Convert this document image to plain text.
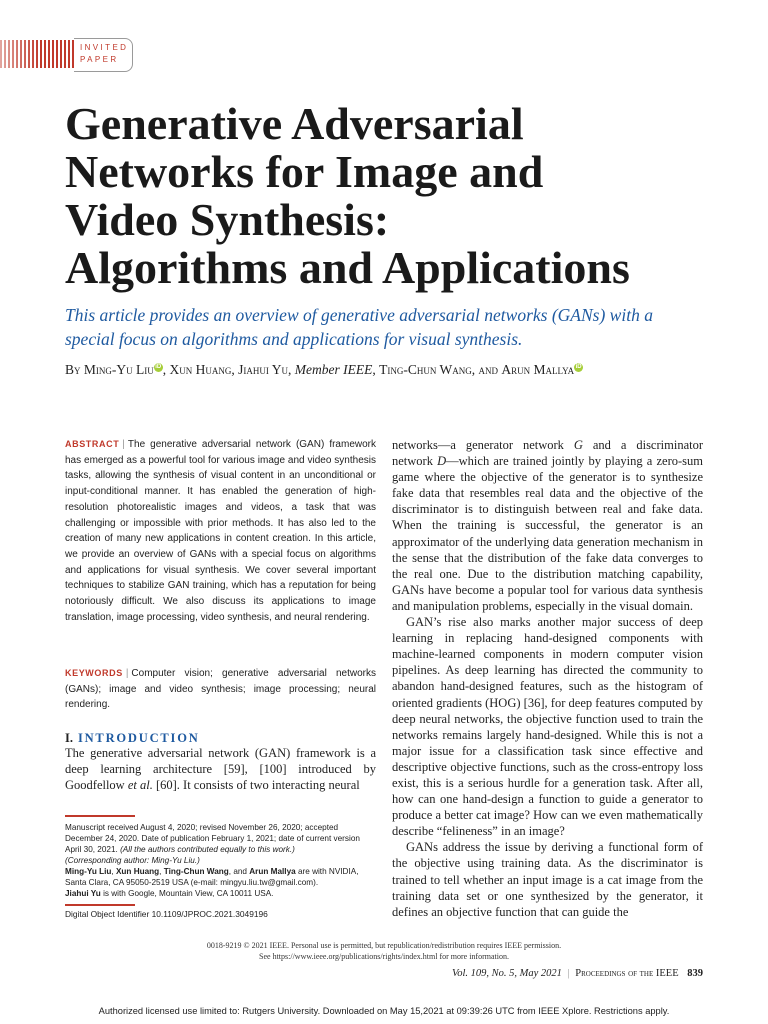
INVITED
PAPER
Generative Adversarial
Networks for Image and
Video Synthesis:
Algorithms and Applications
This article provides an overview of generative adversarial networks (GANs) with a special focus on algorithms and applications for visual synthesis.
By Ming-Yu Liu iD , Xun Huang, Jiahui Yu, Member IEEE, Ting-Chun Wang, and Arun Mallya iD
ABSTRACT | The generative adversarial network (GAN) framework has emerged as a powerful tool for various image and video synthesis tasks, allowing the synthesis of visual content in an unconditional or input-conditional manner. It has enabled the generation of high-resolution photorealistic images and videos, a task that was challenging or impossible with prior methods. It has also led to the creation of many new applications in content creation. In this article, we provide an overview of GANs with a special focus on algorithms and applications for visual synthesis. We cover several important techniques to stabilize GAN training, which has a reputation for being notoriously difficult. We also discuss its applications to image translation, image processing, video synthesis, and neural rendering.
KEYWORDS | Computer vision; generative adversarial networks (GANs); image and video synthesis; image processing; neural rendering.
I. INTRODUCTION
The generative adversarial network (GAN) framework is a deep learning architecture [59], [100] introduced by Goodfellow et al. [60]. It consists of two interacting neural
Manuscript received August 4, 2020; revised November 26, 2020; accepted December 24, 2020. Date of publication February 1, 2021; date of current version April 30, 2021. (All the authors contributed equally to this work.)
(Corresponding author: Ming-Yu Liu.)
Ming-Yu Liu, Xun Huang, Ting-Chun Wang, and Arun Mallya are with NVIDIA, Santa Clara, CA 95050-2519 USA (e-mail: mingyu.liu.tw@gmail.com).
Jiahui Yu is with Google, Mountain View, CA 10011 USA.
Digital Object Identifier 10.1109/JPROC.2021.3049196

networks—a generator network G and a discriminator network D—which are trained jointly by playing a zero-sum game where the objective of the generator is to synthesize fake data that resembles real data and the objective of the discriminator is to distinguish between real and fake data. When the training is successful, the generator is an approximator of the underlying data generation mechanism in the sense that the distribution of the fake data converges to the real one. Due to the distribution matching capability, GANs have become a popular tool for various data synthesis and manipulation problems, especially in the visual domain.

GAN’s rise also marks another major success of deep learning in replacing hand-designed components with machine-learned components in modern computer vision pipelines. As deep learning has directed the community to abandon hand-designed features, such as the histogram of oriented gradients (HOG) [36], for deep features computed by deep neural networks, the objective function used to train the networks remains largely hand-designed. While this is not a major issue for a classification task since effective and descriptive objective functions, such as the cross-entropy loss exist, this is a serious hurdle for a generation task. After all, how can one hand-design a function to guide a generator to produce a better cat image? How can we even mathematically describe “felineness” in an image?

GANs address the issue by deriving a functional form of the objective using training data. As the discriminator is trained to tell whether an input image is a cat image from the training data set or one synthesized by the generator, it defines an objective function that can guide the

0018-9219 © 2021 IEEE. Personal use is permitted, but republication/redistribution requires IEEE permission.
See https://www.ieee.org/publications/rights/index.html for more information.
Vol. 109, No. 5, May 2021 | Proceedings of the IEEE 839
Authorized licensed use limited to: Rutgers University. Downloaded on May 15,2021 at 09:39:26 UTC from IEEE Xplore. Restrictions apply.
